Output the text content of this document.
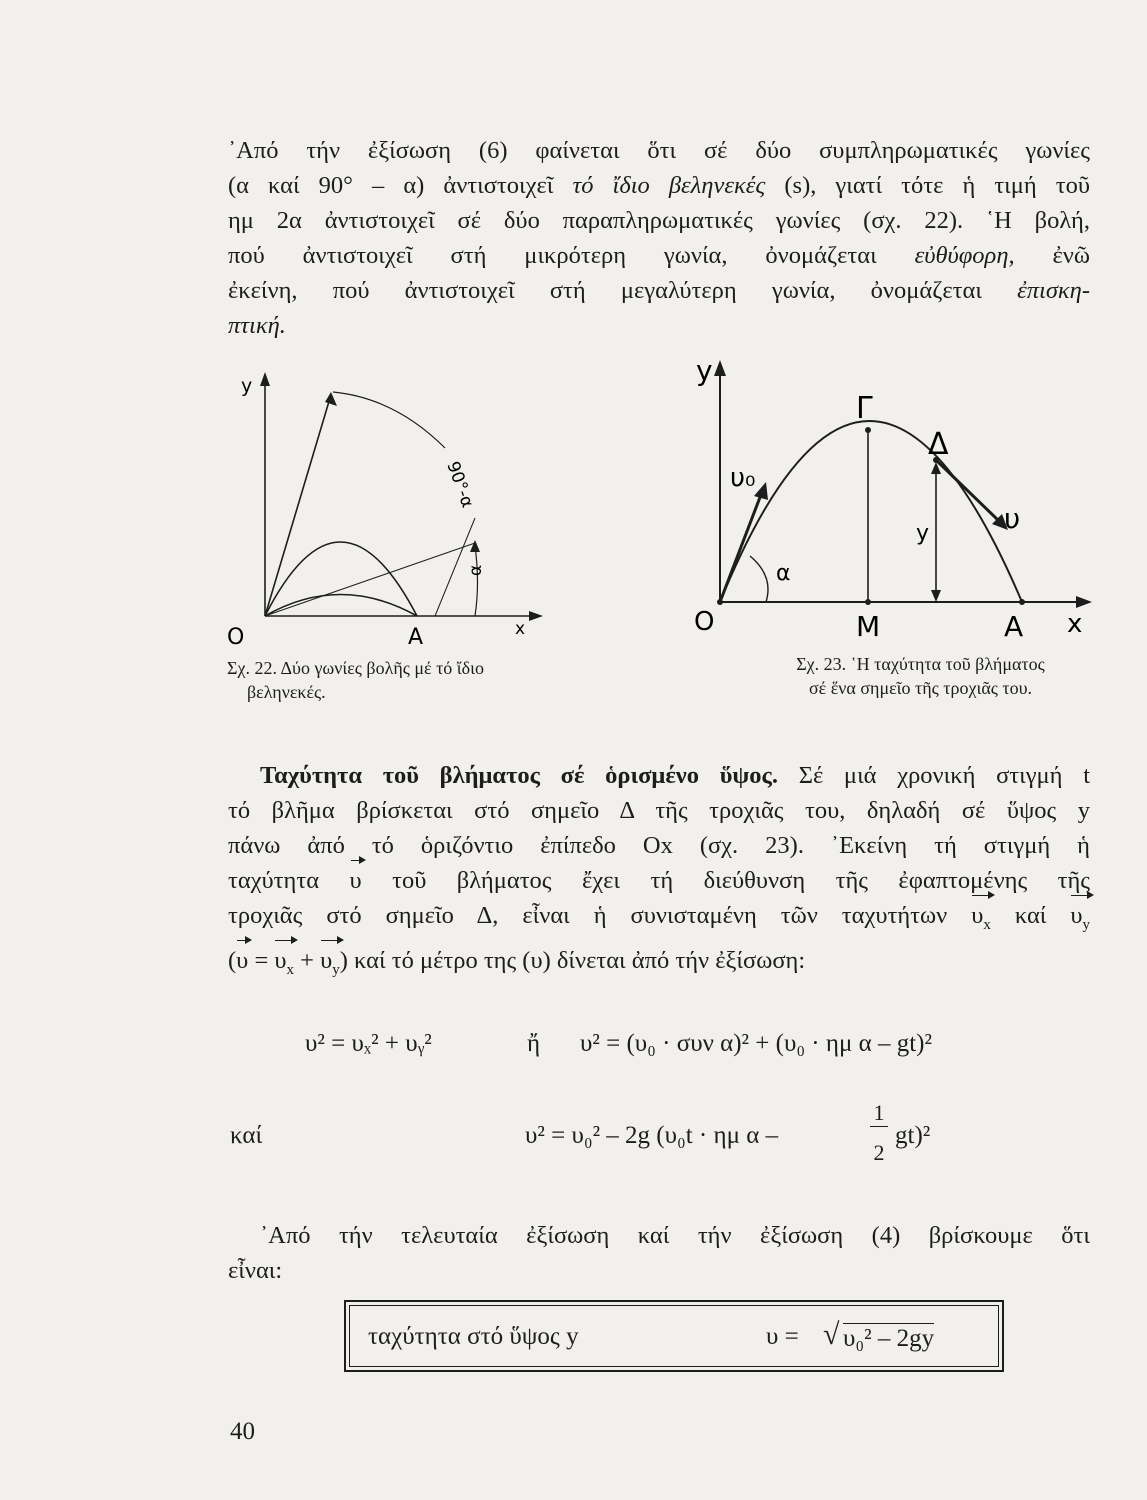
᾿Από τήν ἐξίσωση (6) φαίνεται ὅτι σέ δύο συμπληρωματικές γωνίες
(α καί 90° – α) ἀντιστοιχεῖ τό ἴδιο βεληνεκές (s), γιατί τότε ἡ τιμή τοῦ
ημ 2α ἀντιστοιχεῖ σέ δύο παραπληρωματικές γωνίες (σχ. 22). ῾Η βολή,
πού ἀντιστοιχεῖ στή μικρότερη γωνία, ὀνομάζεται εὐθύφορη, ἐνῶ
ἐκείνη, πού ἀντιστοιχεῖ στή μεγαλύτερη γωνία, ὀνομάζεται ἐπισκη-
πτική.
y
x
O	A
90°-α
α
Σχ. 22. Δύο γωνίες βολῆς μέ τό ἴδιο
βεληνεκές.
y
x
O	M	A
Γ
Δ
υ₀
υ
y
α
Σχ. 23. ῾Η ταχύτητα τοῦ βλήματος
σέ ἕνα σημεῖο τῆς τροχιᾶς του.
Ταχύτητα τοῦ βλήματος σέ ὁρισμένο ὕψος. Σέ μιά χρονική στιγμή t
τό βλῆμα βρίσκεται στό σημεῖο Δ τῆς τροχιᾶς του, δηλαδή σέ ὕψος y
πάνω ἀπό τό ὁριζόντιο ἐπίπεδο Ox (σχ. 23). ᾿Εκείνη τή στιγμή ἡ
ταχύτητα υ τοῦ βλήματος ἔχει τή διεύθυνση τῆς ἐφαπτομένης τῆς
τροχιᾶς στό σημεῖο Δ, εἶναι ἡ συνισταμένη τῶν ταχυτήτων $\upsilon_x$ καί $\upsilon_y$
$(\upsilon = \upsilon_x + \upsilon_y)$ καί τό μέτρο της (υ) δίνεται ἀπό τήν ἐξίσωση:
υ² = υₓ² + υᵧ²	ἤ υ² = (υ₀ · συν α)² + (υ₀ · ημ α – gt)²
καί	υ² = υ₀² – 2g (υ₀t · ημ α –
1
2
gt)²
᾿Από τήν τελευταία ἐξίσωση καί τήν ἐξίσωση (4) βρίσκουμε ὅτι
εἶναι:
ταχύτητα στό ὕψος y	υ = √ υ₀² – 2gy
40
